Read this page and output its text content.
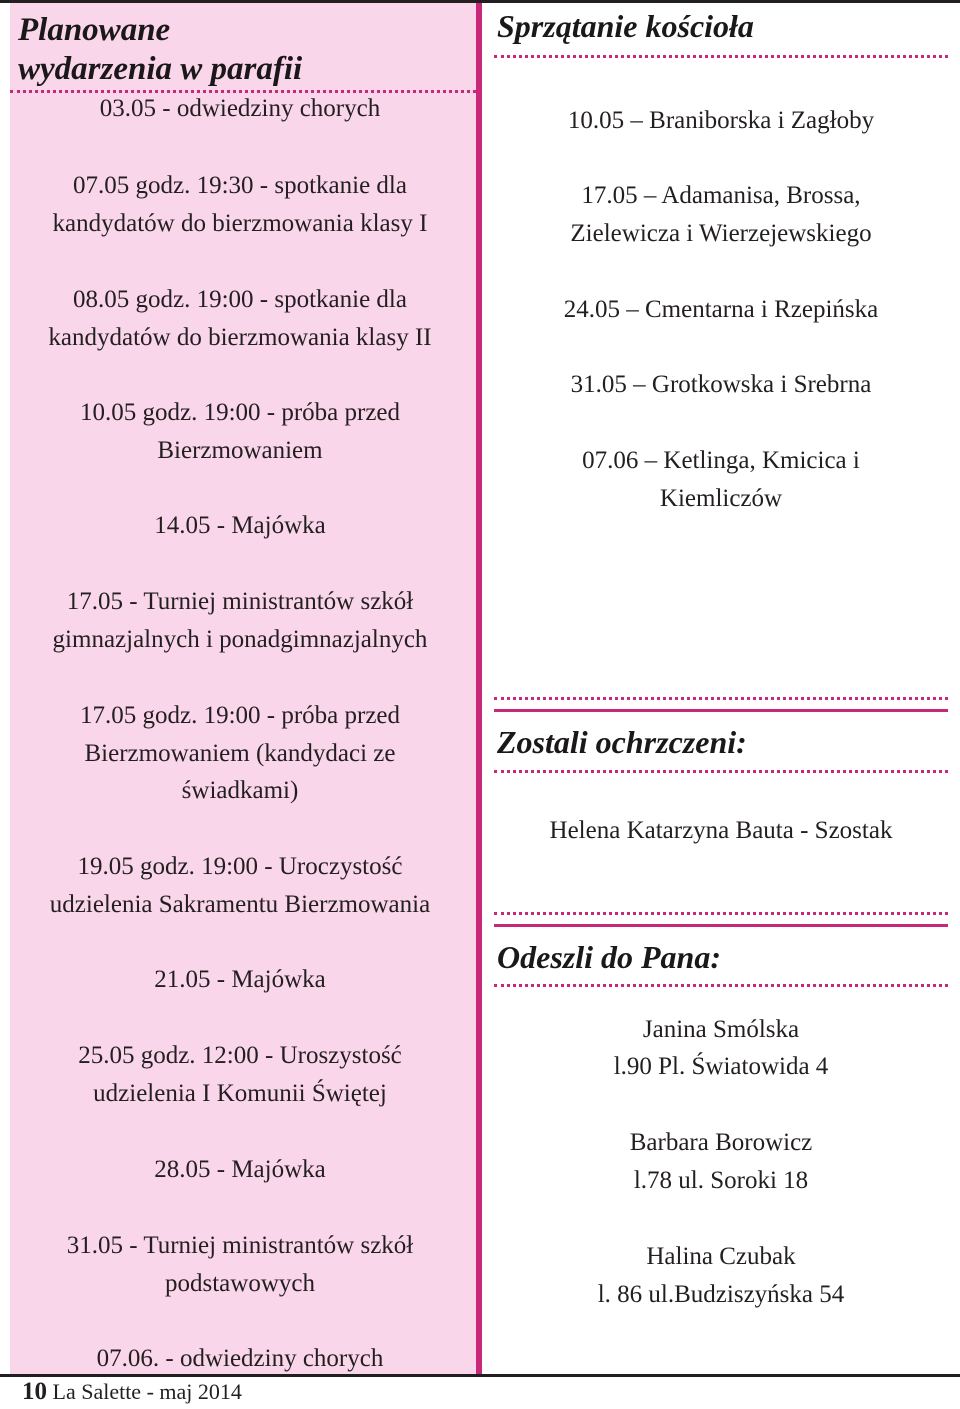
Planowane
wydarzenia w parafii
03.05 - odwiedziny chorych
07.05 godz. 19:30 - spotkanie dla
kandydatów do bierzmowania klasy I
08.05 godz. 19:00 - spotkanie dla
kandydatów do bierzmowania klasy II
10.05 godz. 19:00 - próba przed
Bierzmowaniem
14.05 - Majówka
17.05 - Turniej ministrantów szkół
gimnazjalnych i ponadgimnazjalnych
17.05 godz. 19:00 - próba przed
Bierzmowaniem (kandydaci ze
świadkami)
19.05 godz. 19:00 - Uroczystość
udzielenia Sakramentu Bierzmowania
21.05 - Majówka
25.05 godz. 12:00 - Uroszystość
udzielenia I Komunii Świętej
28.05 - Majówka
31.05 - Turniej ministrantów szkół
podstawowych
07.06. - odwiedziny chorych
Sprzątanie kościoła
10.05 – Braniborska i Zagłoby
17.05 – Adamanisa, Brossa,
Zielewicza i Wierzejewskiego
24.05 – Cmentarna i Rzepińska
31.05 – Grotkowska i Srebrna
07.06 – Ketlinga, Kmicica i
Kiemliczów
Zostali ochrzczeni:
Helena Katarzyna Bauta - Szostak
Odeszli do Pana:
Janina Smólska
l.90 Pl. Światowida 4
Barbara Borowicz
l.78 ul. Soroki 18
Halina Czubak
l. 86 ul.Budziszyńska 54
10 La Salette - maj 2014
